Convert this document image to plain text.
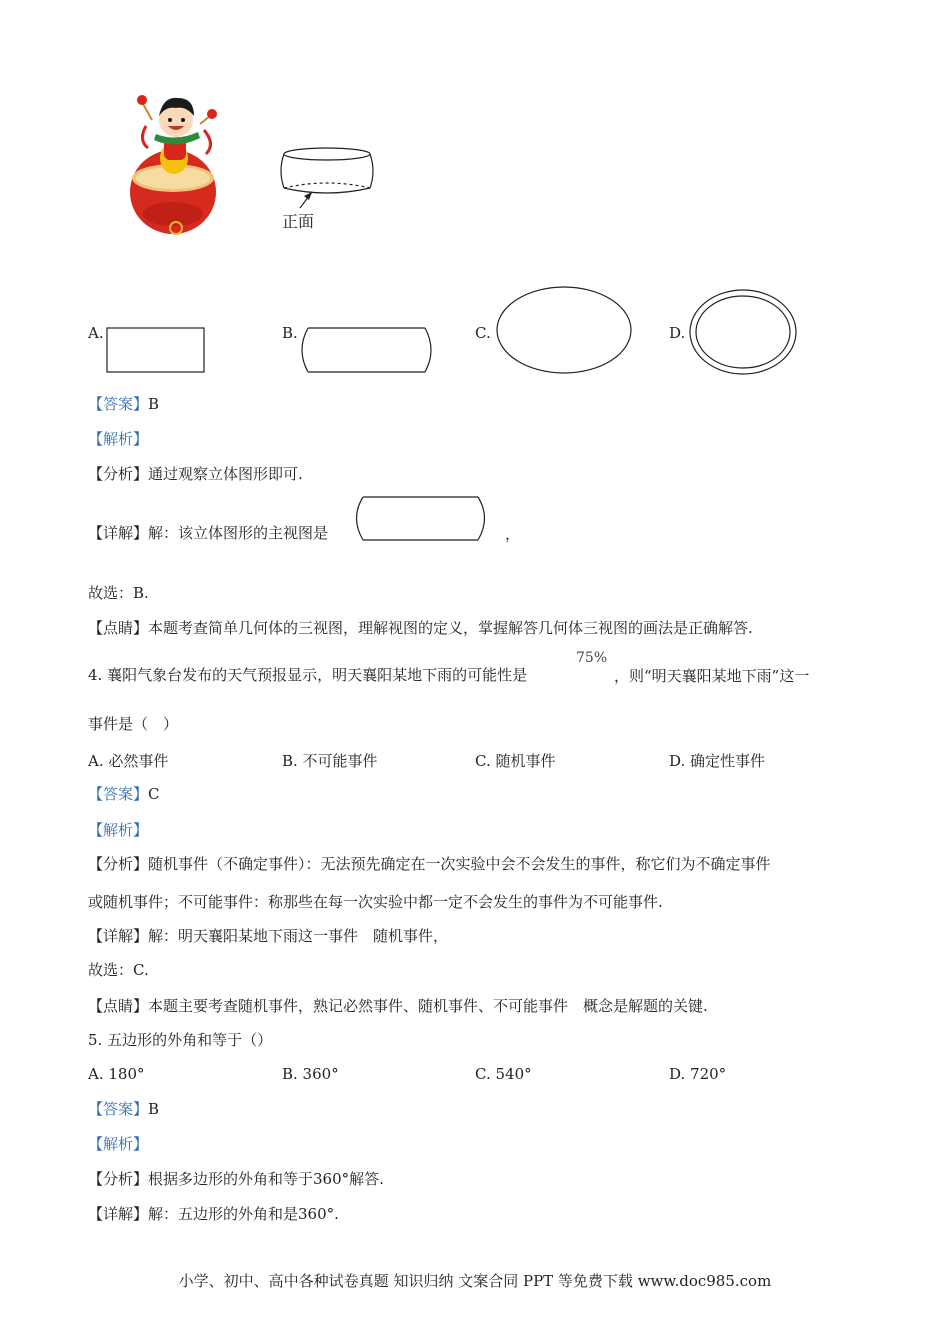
正面
A.	B.	C.	D.
【答案】B
【解析】
【分析】通过观察立体图形即可.
【详解】解：该立体图形的主视图是	，
故选：B.
【点睛】本题考查简单几何体的三视图，理解视图的定义，掌握解答几何体三视图的画法是正确解答.
4. 襄阳气象台发布的天气预报显示，明天襄阳某地下雨的可能性是
75%
，则“明天襄阳某地下雨”这一
事件是（　）
A. 必然事件	B. 不可能事件	C. 随机事件	D. 确定性事件
【答案】C
【解析】
【分析】随机事件（不确定事件）：无法预先确定在一次实验中会不会发生的事件，称它们为不确定事件
或随机事件；不可能事件：称那些在每一次实验中都一定不会发生的事件为不可能事件.
【详解】解：明天襄阳某地下雨这一事件　随机事件，
故选：C.
【点睛】本题主要考查随机事件，熟记必然事件、随机事件、不可能事件　概念是解题的关键.
5. 五边形的外角和等于（）
A. 180°	B. 360°	C. 540°	D. 720°
【答案】B
【解析】
【分析】根据多边形的外角和等于360°解答.
【详解】解：五边形的外角和是360°.
小学、初中、高中各种试卷真题 知识归纳 文案合同 PPT 等免费下载 www.doc985.com
